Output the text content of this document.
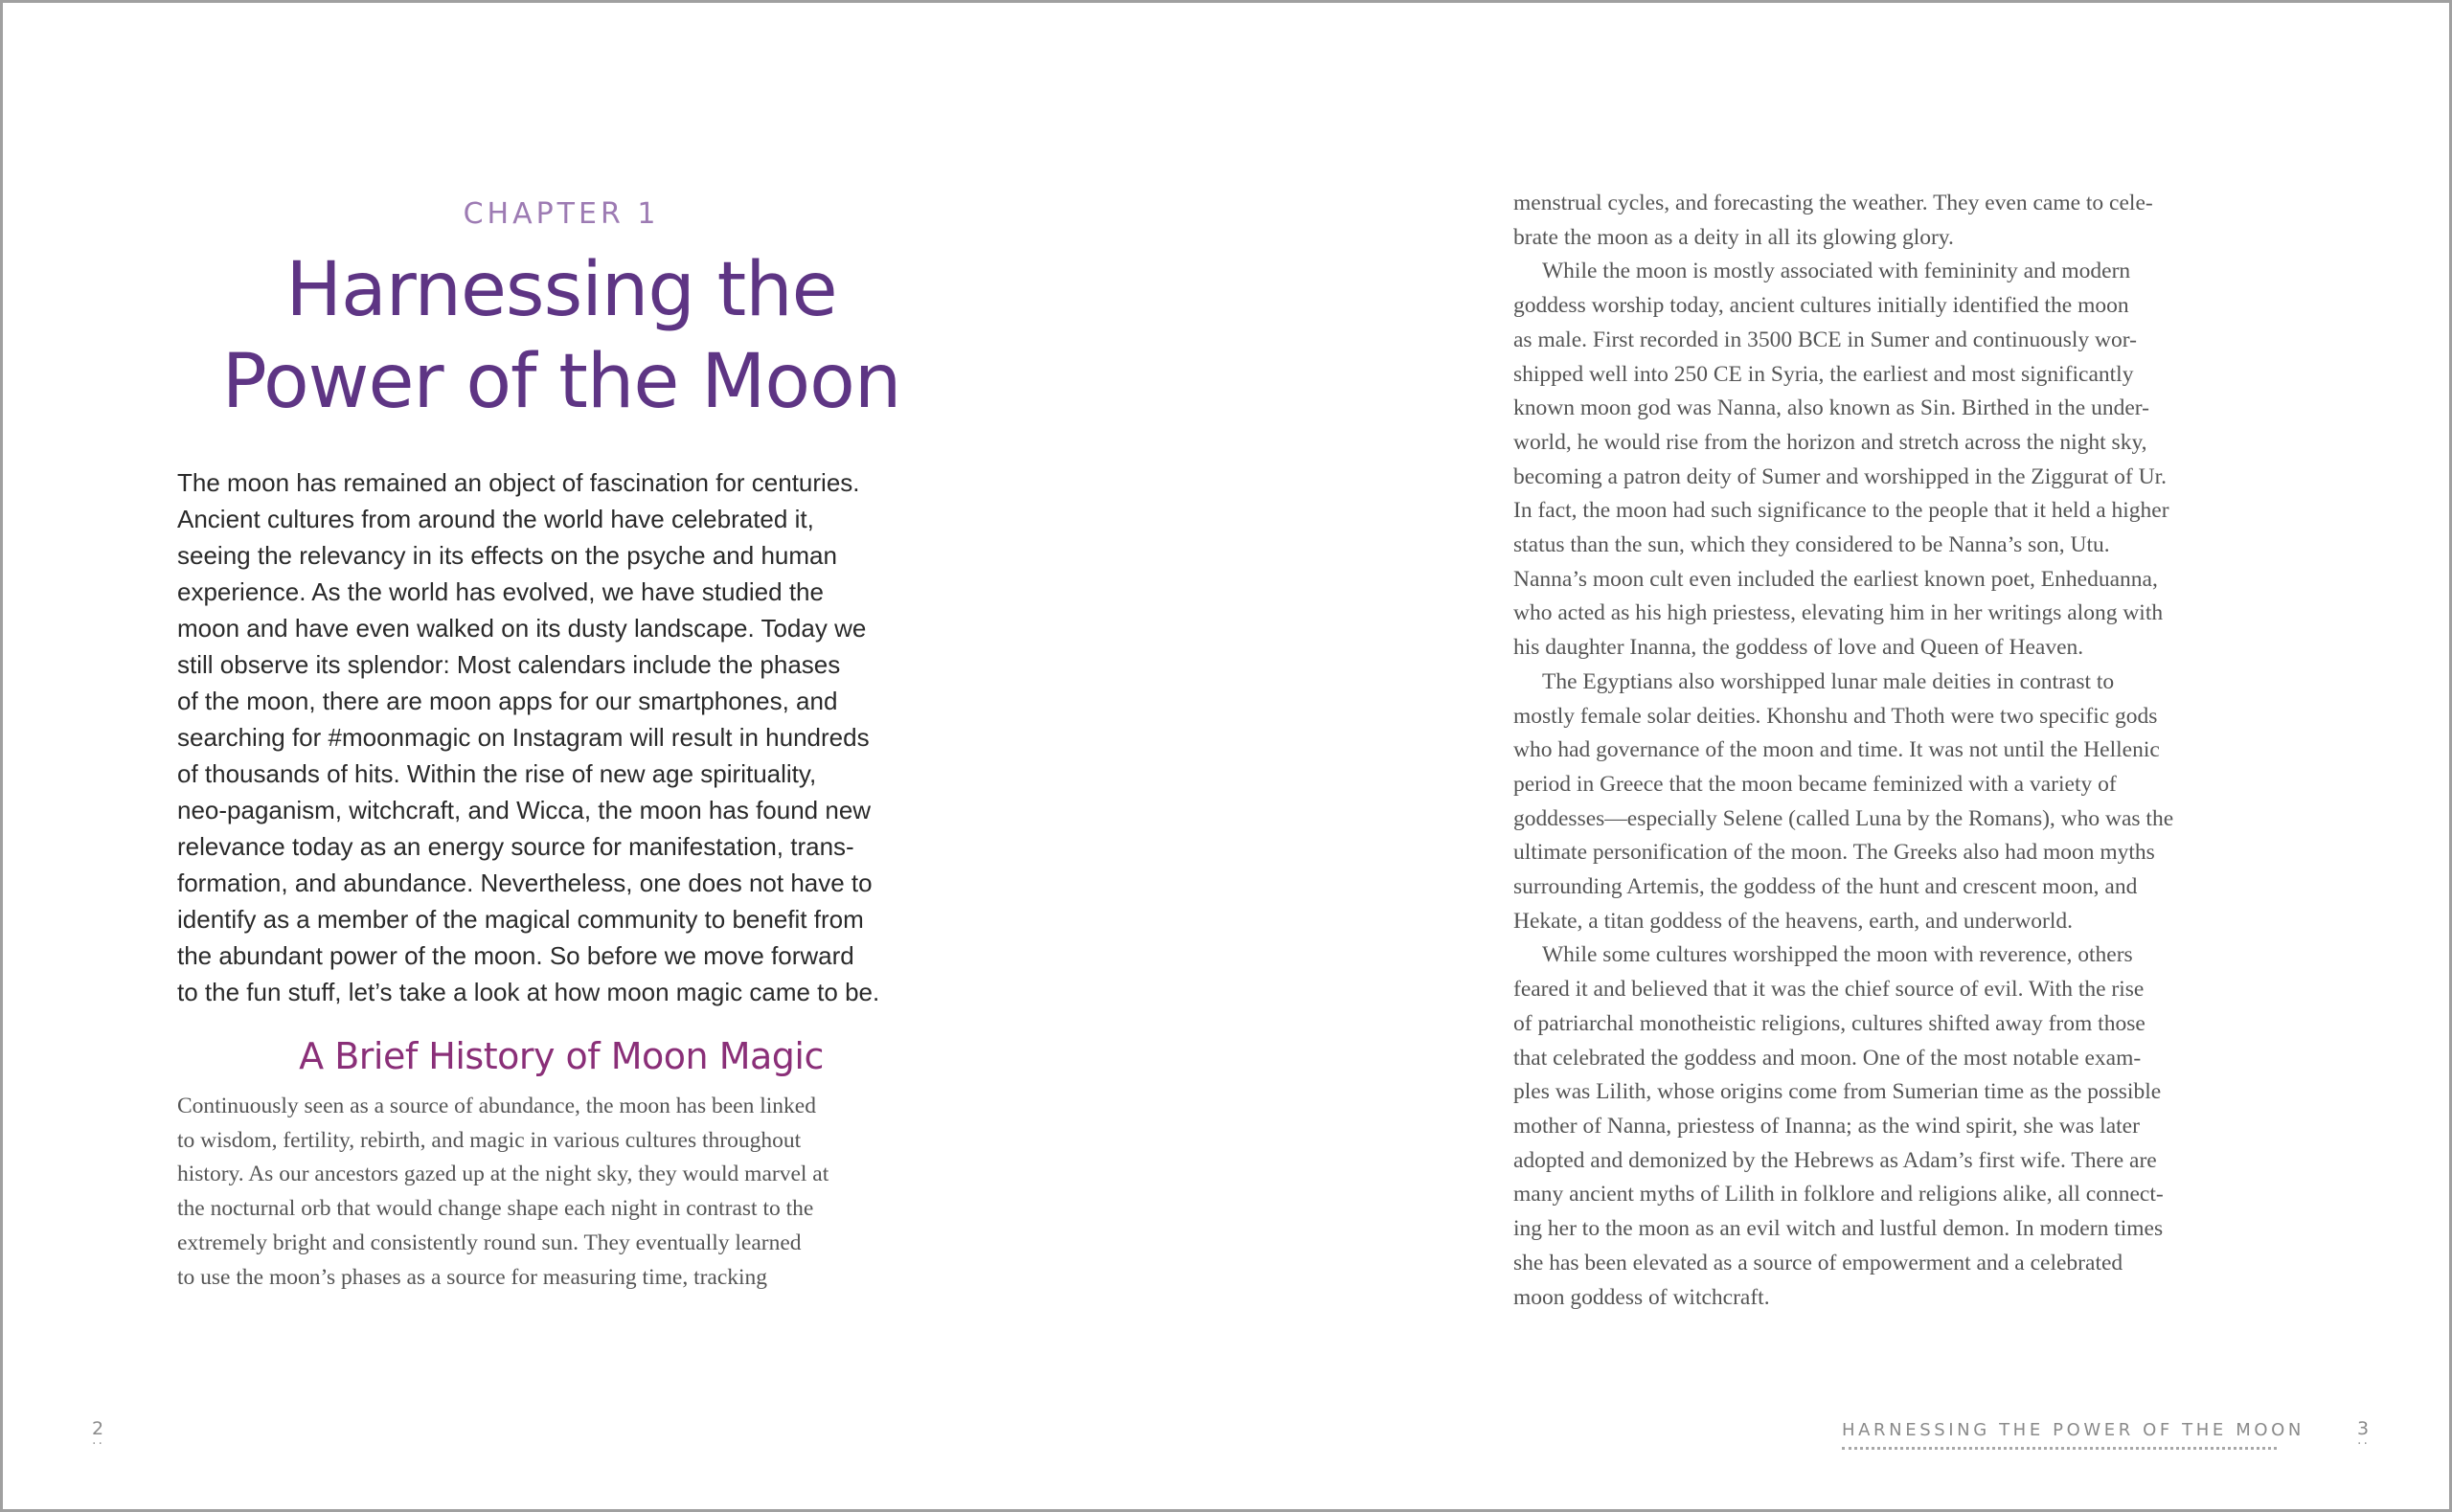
CHAPTER 1
Harnessing the
Power of the Moon
The moon has remained an object of fascination for centuries.
Ancient cultures from around the world have celebrated it,
seeing the relevancy in its effects on the psyche and human
experience. As the world has evolved, we have studied the
moon and have even walked on its dusty landscape. Today we
still observe its splendor: Most calendars include the phases
of the moon, there are moon apps for our smartphones, and
searching for #moonmagic on Instagram will result in hundreds
of thousands of hits. Within the rise of new age spirituality,
neo-paganism, witchcraft, and Wicca, the moon has found new
relevance today as an energy source for manifestation, trans-
formation, and abundance. Nevertheless, one does not have to
identify as a member of the magical community to benefit from
the abundant power of the moon. So before we move forward
to the fun stuff, let’s take a look at how moon magic came to be.
A Brief History of Moon Magic
Continuously seen as a source of abundance, the moon has been linked
to wisdom, fertility, rebirth, and magic in various cultures throughout
history. As our ancestors gazed up at the night sky, they would marvel at
the nocturnal orb that would change shape each night in contrast to the
extremely bright and consistently round sun. They eventually learned
to use the moon’s phases as a source for measuring time, tracking
2
··
menstrual cycles, and forecasting the weather. They even came to cele-
brate the moon as a deity in all its glowing glory.
While the moon is mostly associated with femininity and modern
goddess worship today, ancient cultures initially identified the moon
as male. First recorded in 3500 BCE in Sumer and continuously wor-
shipped well into 250 CE in Syria, the earliest and most significantly
known moon god was Nanna, also known as Sin. Birthed in the under-
world, he would rise from the horizon and stretch across the night sky,
becoming a patron deity of Sumer and worshipped in the Ziggurat of Ur.
In fact, the moon had such significance to the people that it held a higher
status than the sun, which they considered to be Nanna’s son, Utu.
Nanna’s moon cult even included the earliest known poet, Enheduanna,
who acted as his high priestess, elevating him in her writings along with
his daughter Inanna, the goddess of love and Queen of Heaven.
The Egyptians also worshipped lunar male deities in contrast to
mostly female solar deities. Khonshu and Thoth were two specific gods
who had governance of the moon and time. It was not until the Hellenic
period in Greece that the moon became feminized with a variety of
goddesses—especially Selene (called Luna by the Romans), who was the
ultimate personification of the moon. The Greeks also had moon myths
surrounding Artemis, the goddess of the hunt and crescent moon, and
Hekate, a titan goddess of the heavens, earth, and underworld.
While some cultures worshipped the moon with reverence, others
feared it and believed that it was the chief source of evil. With the rise
of patriarchal monotheistic religions, cultures shifted away from those
that celebrated the goddess and moon. One of the most notable exam-
ples was Lilith, whose origins come from Sumerian time as the possible
mother of Nanna, priestess of Inanna; as the wind spirit, she was later
adopted and demonized by the Hebrews as Adam’s first wife. There are
many ancient myths of Lilith in folklore and religions alike, all connect-
ing her to the moon as an evil witch and lustful demon. In modern times
she has been elevated as a source of empowerment and a celebrated
moon goddess of witchcraft.
HARNESSING THE POWER OF THE MOON	3
··
